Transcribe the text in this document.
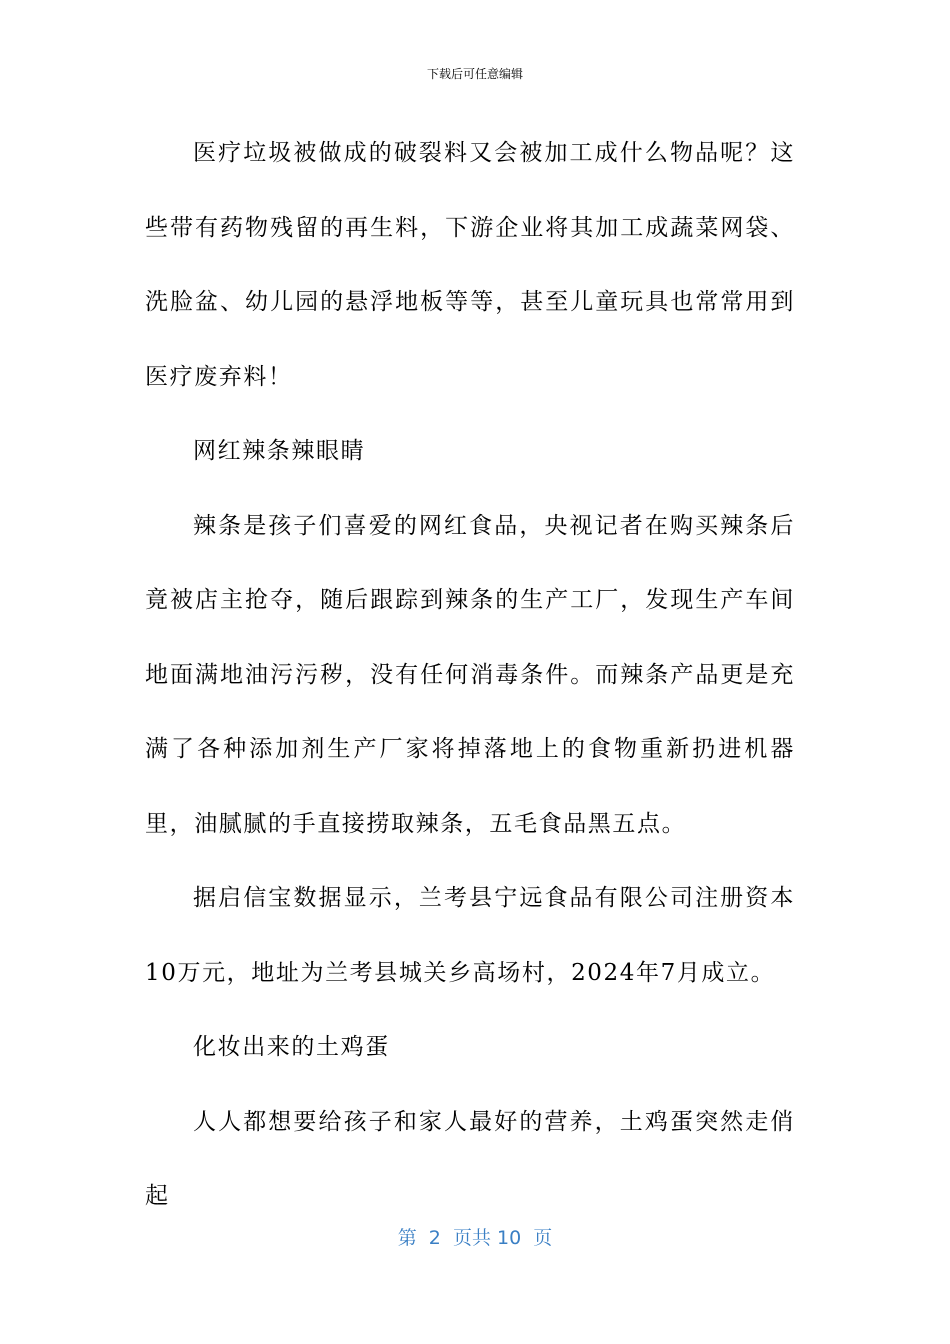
下载后可任意编辑

医疗垃圾被做成的破裂料又会被加工成什么物品呢？这些带有药物残留的再生料，下游企业将其加工成蔬菜网袋、洗脸盆、幼儿园的悬浮地板等等，甚至儿童玩具也常常用到医疗废弃料！

网红辣条辣眼睛

辣条是孩子们喜爱的网红食品，央视记者在购买辣条后竟被店主抢夺，随后跟踪到辣条的生产工厂，发现生产车间地面满地油污污秽，没有任何消毒条件。而辣条产品更是充满了各种添加剂生产厂家将掉落地上的食物重新扔进机器里，油腻腻的手直接捞取辣条，五毛食品黑五点。

据启信宝数据显示，兰考县宁远食品有限公司注册资本10万元，地址为兰考县城关乡高场村，2024年7月成立。

化妆出来的土鸡蛋

人人都想要给孩子和家人最好的营养，土鸡蛋突然走俏起

第  2  页共 10  页
